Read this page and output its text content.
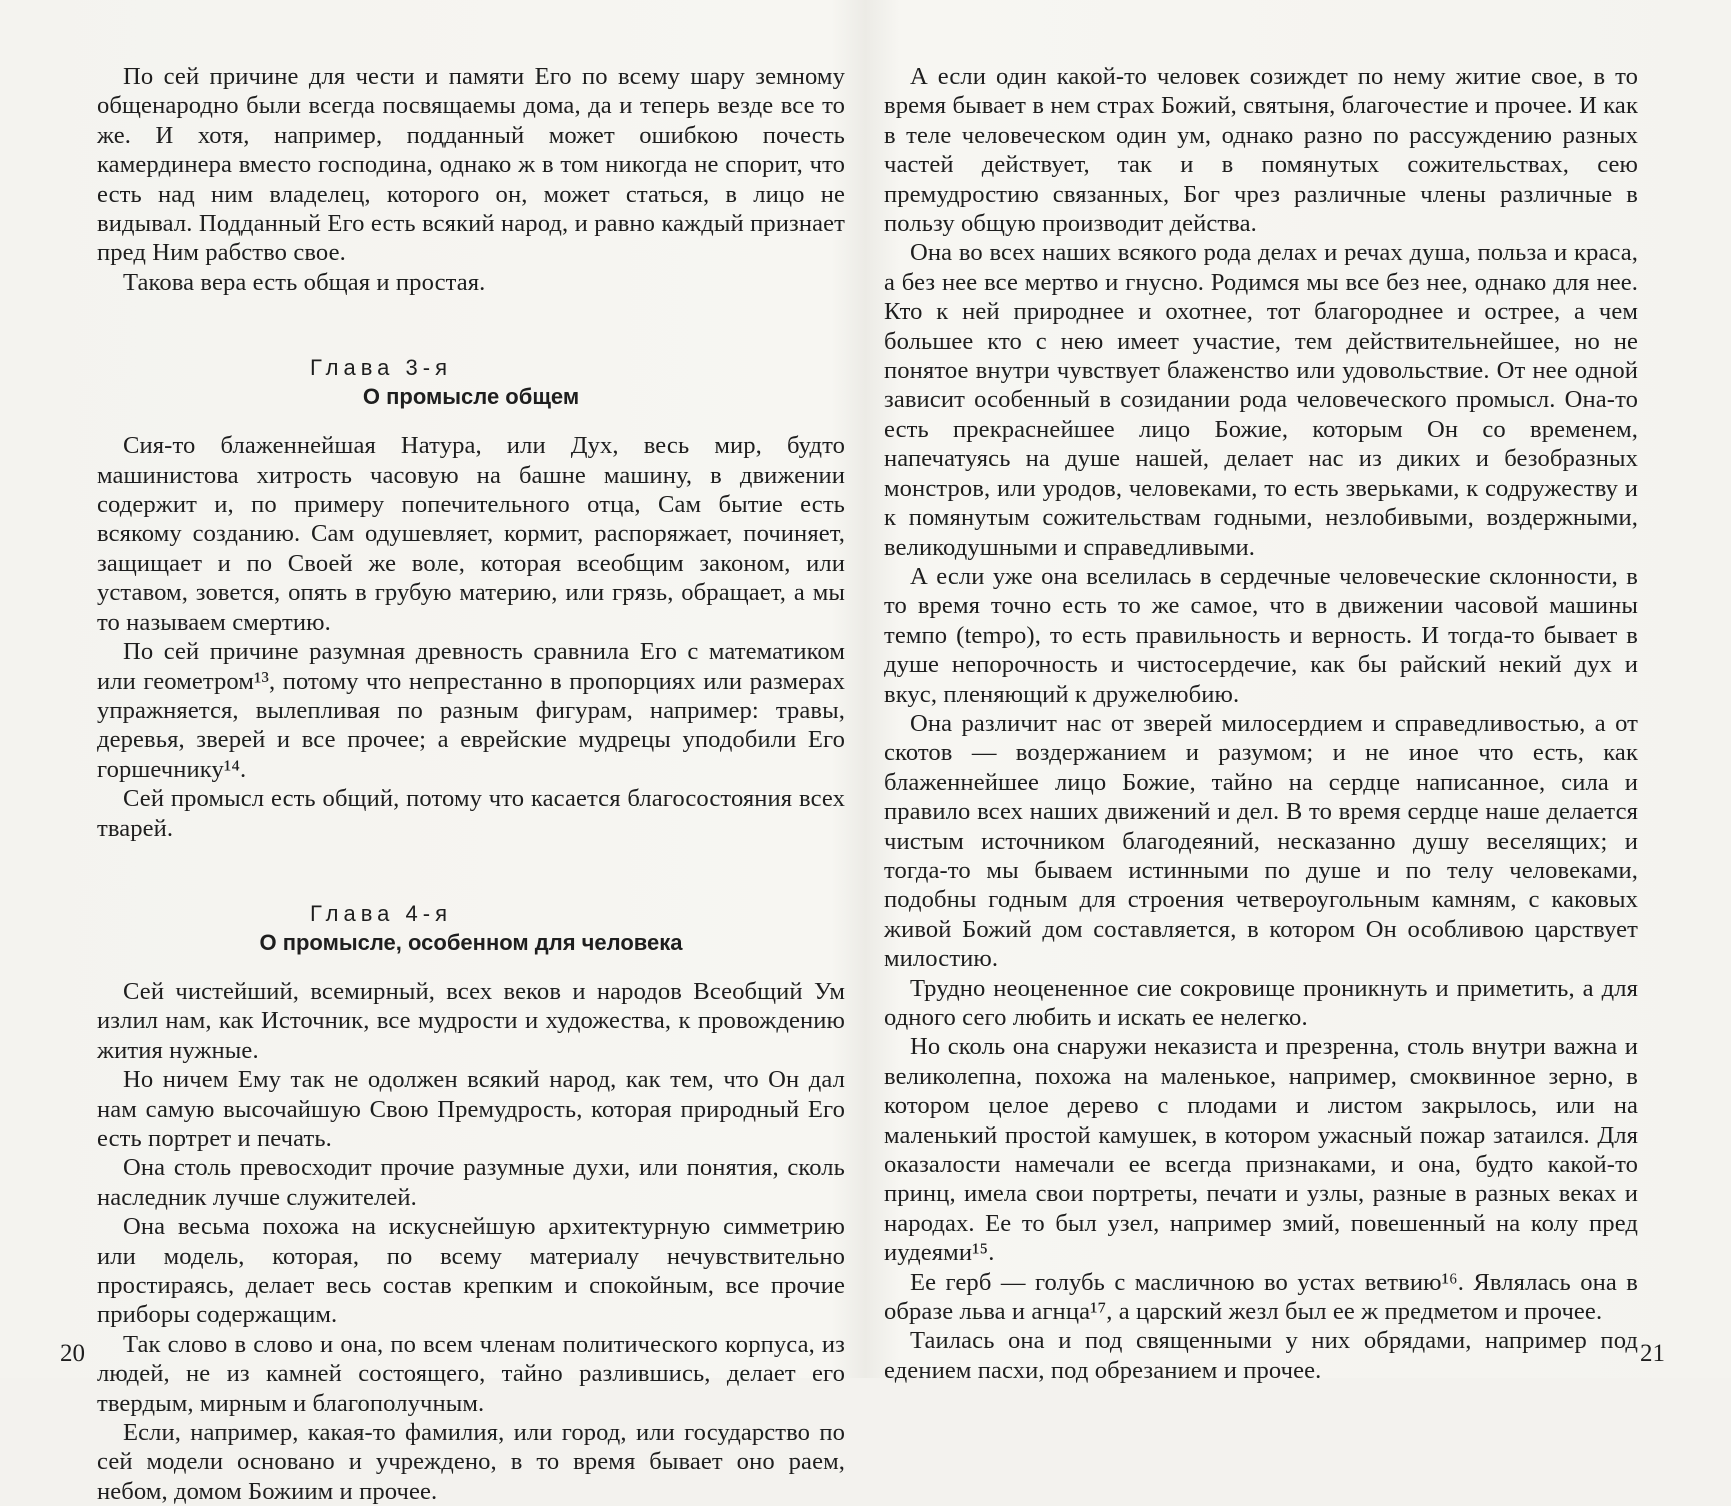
По сей причине для чести и памяти Его по всему шару земному общенародно были всегда посвящаемы дома, да и теперь везде все то же. И хотя, например, подданный может ошибкою почесть камердинера вместо господина, однако ж в том никогда не спорит, что есть над ним владелец, которого он, может статься, в лицо не видывал. Подданный Его есть всякий народ, и равно каждый признает пред Ним рабство свое.

Такова вера есть общая и простая.

Глава 3-я
О промысле общем

Сия-то блаженнейшая Натура, или Дух, весь мир, будто машинистова хитрость часовую на башне машину, в движении содержит и, по примеру попечительного отца, Сам бытие есть всякому созданию. Сам одушевляет, кормит, распоряжает, починяет, защищает и по Своей же воле, которая всеобщим законом, или уставом, зовется, опять в грубую материю, или грязь, обращает, а мы то называем смертию.

По сей причине разумная древность сравнила Его с математиком или геометром¹³, потому что непрестанно в пропорциях или размерах упражняется, вылепливая по разным фигурам, например: травы, деревья, зверей и все прочее; а еврейские мудрецы уподобили Его горшечнику¹⁴.

Сей промысл есть общий, потому что касается благосостояния всех тварей.

Глава 4-я
О промысле, особенном для человека

Сей чистейший, всемирный, всех веков и народов Всеобщий Ум излил нам, как Источник, все мудрости и художества, к провождению жития нужные.

Но ничем Ему так не одолжен всякий народ, как тем, что Он дал нам самую высочайшую Свою Премудрость, которая природный Его есть портрет и печать.

Она столь превосходит прочие разумные духи, или понятия, сколь наследник лучше служителей.

Она весьма похожа на искуснейшую архитектурную симметрию или модель, которая, по всему материалу нечувствительно простираясь, делает весь состав крепким и спокойным, все прочие приборы содержащим.

Так слово в слово и она, по всем членам политического корпуса, из людей, не из камней состоящего, тайно разлившись, делает его твердым, мирным и благополучным.

Если, например, какая-то фамилия, или город, или государство по сей модели основано и учреждено, в то время бывает оно раем, небом, домом Божиим и прочее.

А если один какой-то человек созиждет по нему житие свое, в то время бывает в нем страх Божий, святыня, благочестие и прочее. И как в теле человеческом один ум, однако разно по рассуждению разных частей действует, так и в помянутых сожительствах, сею премудростию связанных, Бог чрез различные члены различные в пользу общую производит действа.

Она во всех наших всякого рода делах и речах душа, польза и краса, а без нее все мертво и гнусно. Родимся мы все без нее, однако для нее. Кто к ней природнее и охотнее, тот благороднее и острее, а чем большее кто с нею имеет участие, тем действительнейшее, но не понятое внутри чувствует блаженство или удовольствие. От нее одной зависит особенный в созидании рода человеческого промысл. Она-то есть прекраснейшее лицо Божие, которым Он со временем, напечатуясь на душе нашей, делает нас из диких и безобразных монстров, или уродов, человеками, то есть зверьками, к содружеству и к помянутым сожительствам годными, незлобивыми, воздержными, великодушными и справедливыми.

А если уже она вселилась в сердечные человеческие склонности, в то время точно есть то же самое, что в движении часовой машины темпо (tempo), то есть правильность и верность. И тогда-то бывает в душе непорочность и чистосердечие, как бы райский некий дух и вкус, пленяющий к дружелюбию.

Она различит нас от зверей милосердием и справедливостью, а от скотов — воздержанием и разумом; и не иное что есть, как блаженнейшее лицо Божие, тайно на сердце написанное, сила и правило всех наших движений и дел. В то время сердце наше делается чистым источником благодеяний, несказанно душу веселящих; и тогда-то мы бываем истинными по душе и по телу человеками, подобны годным для строения четвероугольным камням, с каковых живой Божий дом составляется, в котором Он особливою царствует милостию.

Трудно неоцененное сие сокровище проникнуть и приметить, а для одного сего любить и искать ее нелегко.

Но сколь она снаружи неказиста и презренна, столь внутри важна и великолепна, похожа на маленькое, например, смоквинное зерно, в котором целое дерево с плодами и листом закрылось, или на маленький простой камушек, в котором ужасный пожар затаился. Для оказалости намечали ее всегда признаками, и она, будто какой-то принц, имела свои портреты, печати и узлы, разные в разных веках и народах. Ее то был узел, например змий, повешенный на колу пред иудеями¹⁵.

Ее герб — голубь с масличною во устах ветвию¹⁶. Являлась она в образе льва и агнца¹⁷, а царский жезл был ее ж предметом и прочее.

Таилась она и под священными у них обрядами, например под едением пасхи, под обрезанием и прочее.

20	21
